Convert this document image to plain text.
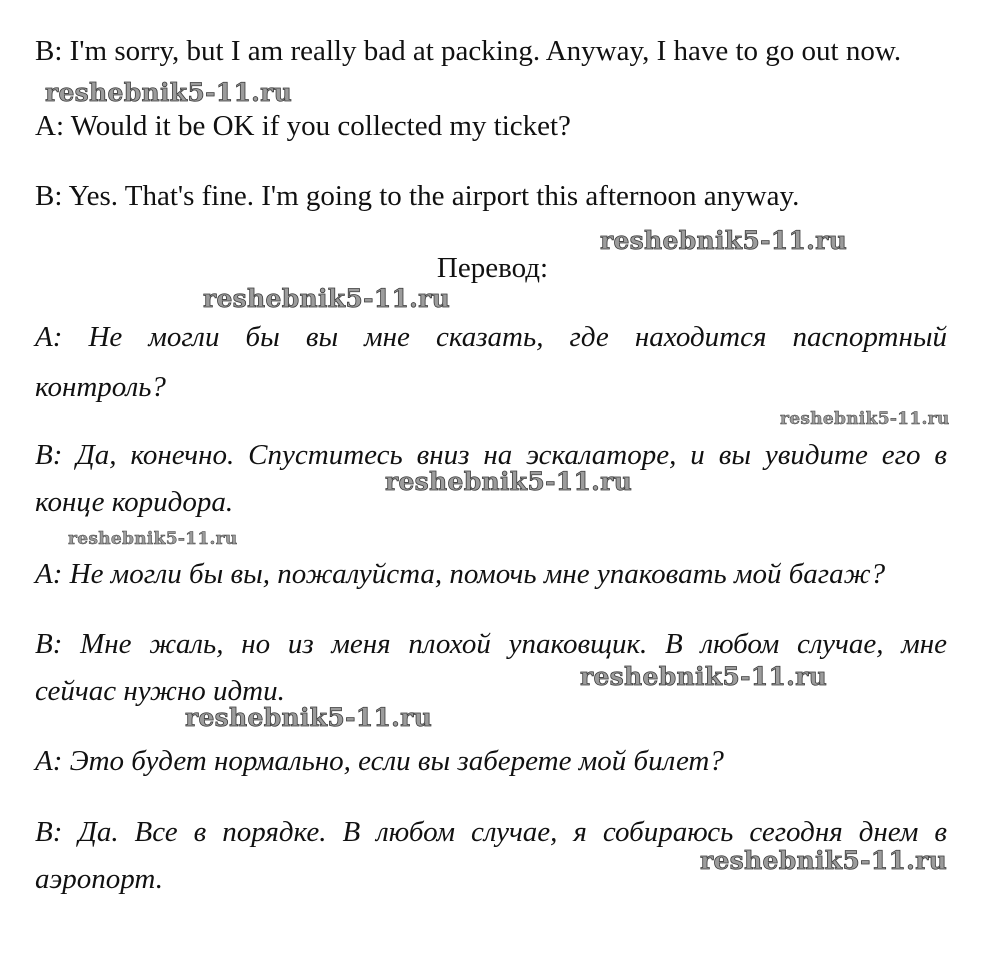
B: I'm sorry, but I am really bad at packing. Anyway, I have to go out now.

A: Would it be OK if you collected my ticket?

B: Yes. That's fine. I'm going to the airport this afternoon anyway.

Перевод:

А: Не могли бы вы мне сказать, где находится паспортный

контроль?

В: Да, конечно. Спуститесь вниз на эскалаторе, и вы увидите его в

конце коридора.

А: Не могли бы вы, пожалуйста, помочь мне упаковать мой багаж?

В: Мне жаль, но из меня плохой упаковщик. В любом случае, мне

сейчас нужно идти.

А: Это будет нормально, если вы заберете мой билет?

В: Да. Все в порядке. В любом случае, я собираюсь сегодня днем в

аэропорт.

reshebnik5-11.ru
reshebnik5-11.ru
reshebnik5-11.ru
reshebnik5-11.ru
reshebnik5-11.ru
reshebnik5-11.ru
reshebnik5-11.ru
reshebnik5-11.ru
reshebnik5-11.ru
